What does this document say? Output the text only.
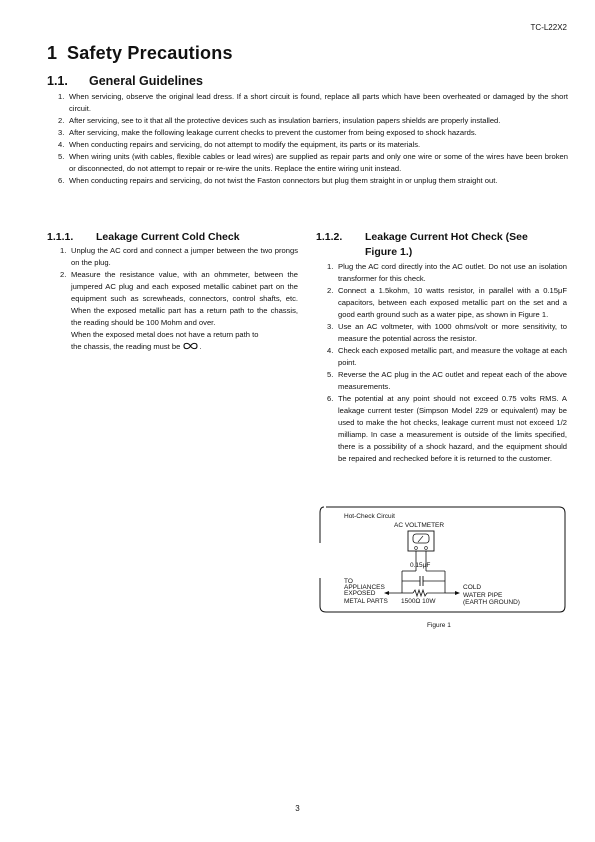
TC-L22X2
1 Safety Precautions
1.1. General Guidelines
1. When servicing, observe the original lead dress. If a short circuit is found, replace all parts which have been overheated or damaged by the short circuit.
2. After servicing, see to it that all the protective devices such as insulation barriers, insulation papers shields are properly installed.
3. After servicing, make the following leakage current checks to prevent the customer from being exposed to shock hazards.
4. When conducting repairs and servicing, do not attempt to modify the equipment, its parts or its materials.
5. When wiring units (with cables, flexible cables or lead wires) are supplied as repair parts and only one wire or some of the wires have been broken or disconnected, do not attempt to repair or re-wire the units. Replace the entire wiring unit instead.
6. When conducting repairs and servicing, do not twist the Faston connectors but plug them straight in or unplug them straight out.
1.1.1.	Leakage Current Cold Check
1. Unplug the AC cord and connect a jumper between the two prongs on the plug.
2. Measure the resistance value, with an ohmmeter, between the jumpered AC plug and each exposed metallic cabinet part on the equipment such as screwheads, connectors, control shafts, etc. When the exposed metallic part has a return path to the chassis, the reading should be 100 Mohm and over.
When the exposed metal does not have a return path to
the chassis, the reading must be	.
1.1.2.	Leakage Current Hot Check (See
Figure 1.)
1. Plug the AC cord directly into the AC outlet. Do not use an isolation transformer for this check.
2. Connect a 1.5kohm, 10 watts resistor, in parallel with a 0.15μF capacitors, between each exposed metallic part on the set and a good earth ground such as a water pipe, as shown in Figure 1.
3. Use an AC voltmeter, with 1000 ohms/volt or more sensitivity, to measure the potential across the resistor.
4. Check each exposed metallic part, and measure the voltage at each point.
5. Reverse the AC plug in the AC outlet and repeat each of the above measurements.
6. The potential at any point should not exceed 0.75 volts RMS. A leakage current tester (Simpson Model 229 or equivalent) may be used to make the hot checks, leakage current must not exceed 1/2 milliamp. In case a measurement is outside of the limits specified, there is a possibility of a shock hazard, and the equipment should be repaired and rechecked before it is returned to the customer.
Hot-Check Circuit
AC VOLTMETER
0.15μF
TO
APPLIANCES
EXPOSED
METAL PARTS 1500Ω 10W
COLD
WATER PIPE
(EARTH GROUND)
Figure 1
3
